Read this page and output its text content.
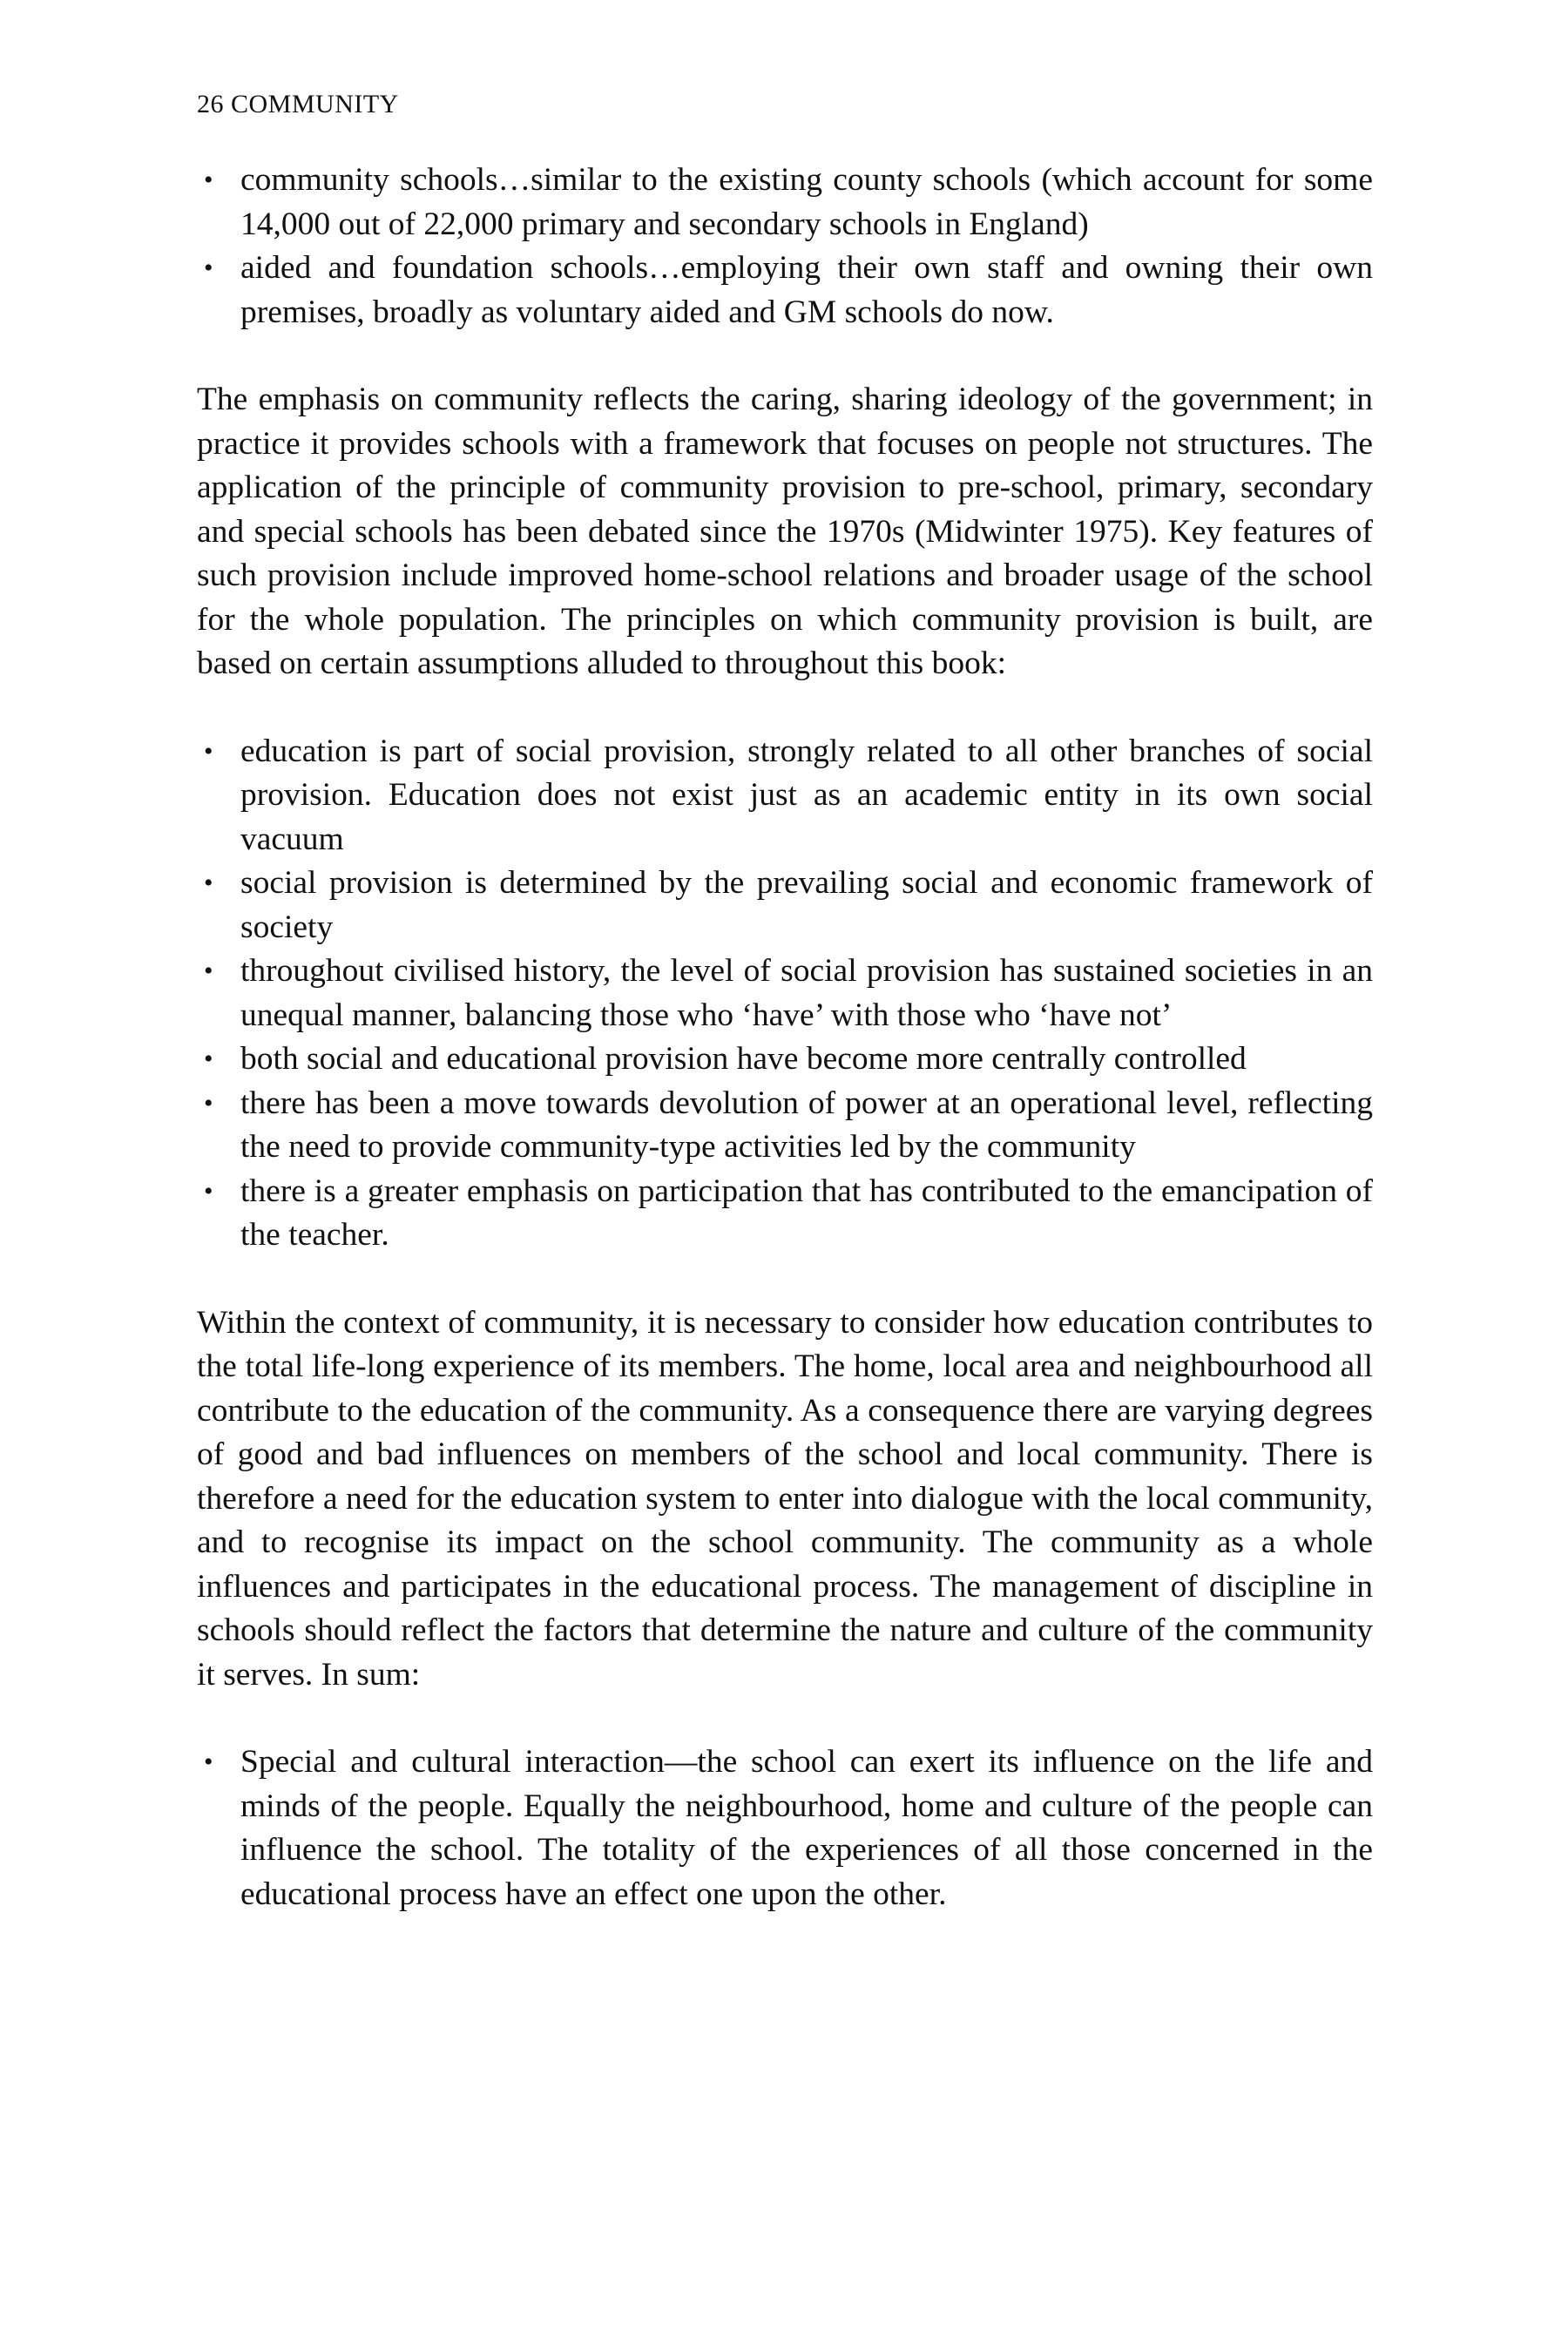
26 COMMUNITY
• community schools…similar to the existing county schools (which account for some 14,000 out of 22,000 primary and secondary schools in England)
• aided and foundation schools…employing their own staff and owning their own premises, broadly as voluntary aided and GM schools do now.

The emphasis on community reflects the caring, sharing ideology of the government; in practice it provides schools with a framework that focuses on people not structures. The application of the principle of community provision to pre-school, primary, secondary and special schools has been debated since the 1970s (Midwinter 1975). Key features of such provision include improved home-school relations and broader usage of the school for the whole population. The principles on which community provision is built, are based on certain assumptions alluded to throughout this book:

• education is part of social provision, strongly related to all other branches of social provision. Education does not exist just as an academic entity in its own social vacuum
• social provision is determined by the prevailing social and economic framework of society
• throughout civilised history, the level of social provision has sustained societies in an unequal manner, balancing those who ‘have’ with those who ‘have not’
• both social and educational provision have become more centrally controlled
• there has been a move towards devolution of power at an operational level, reflecting the need to provide community-type activities led by the community
• there is a greater emphasis on participation that has contributed to the emancipation of the teacher.

Within the context of community, it is necessary to consider how education contributes to the total life-long experience of its members. The home, local area and neighbourhood all contribute to the education of the community. As a consequence there are varying degrees of good and bad influences on members of the school and local community. There is therefore a need for the education system to enter into dialogue with the local community, and to recognise its impact on the school community. The community as a whole influences and participates in the educational process. The management of discipline in schools should reflect the factors that determine the nature and culture of the community it serves. In sum:

• Special and cultural interaction—the school can exert its influence on the life and minds of the people. Equally the neighbourhood, home and culture of the people can influence the school. The totality of the experiences of all those concerned in the educational process have an effect one upon the other.
